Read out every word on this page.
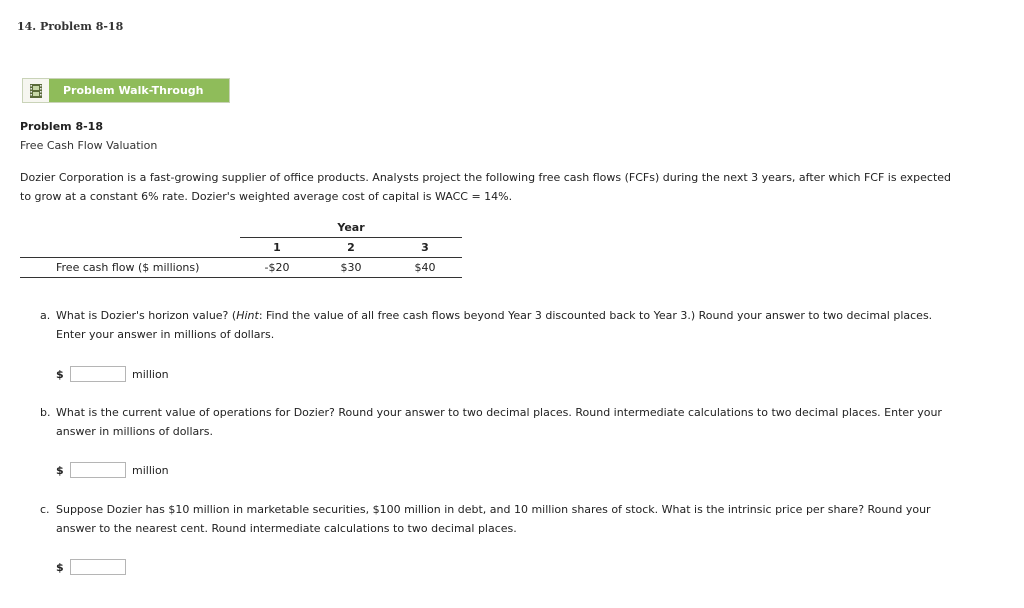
14. Problem 8-18
Problem Walk-Through
Problem 8-18
Free Cash Flow Valuation
Dozier Corporation is a fast-growing supplier of office products. Analysts project the following free cash flows (FCFs) during the next 3 years, after which FCF is expected
to grow at a constant 6% rate. Dozier's weighted average cost of capital is WACC = 14%.
	Year		
	1	2	3
Free cash flow ($ millions)	-$20	$30	$40
a. What is Dozier's horizon value? (Hint: Find the value of all free cash flows beyond Year 3 discounted back to Year 3.) Round your answer to two decimal places.
Enter your answer in millions of dollars.
$	million
b. What is the current value of operations for Dozier? Round your answer to two decimal places. Round intermediate calculations to two decimal places. Enter your
answer in millions of dollars.
$	million
c. Suppose Dozier has $10 million in marketable securities, $100 million in debt, and 10 million shares of stock. What is the intrinsic price per share? Round your
answer to the nearest cent. Round intermediate calculations to two decimal places.
$
